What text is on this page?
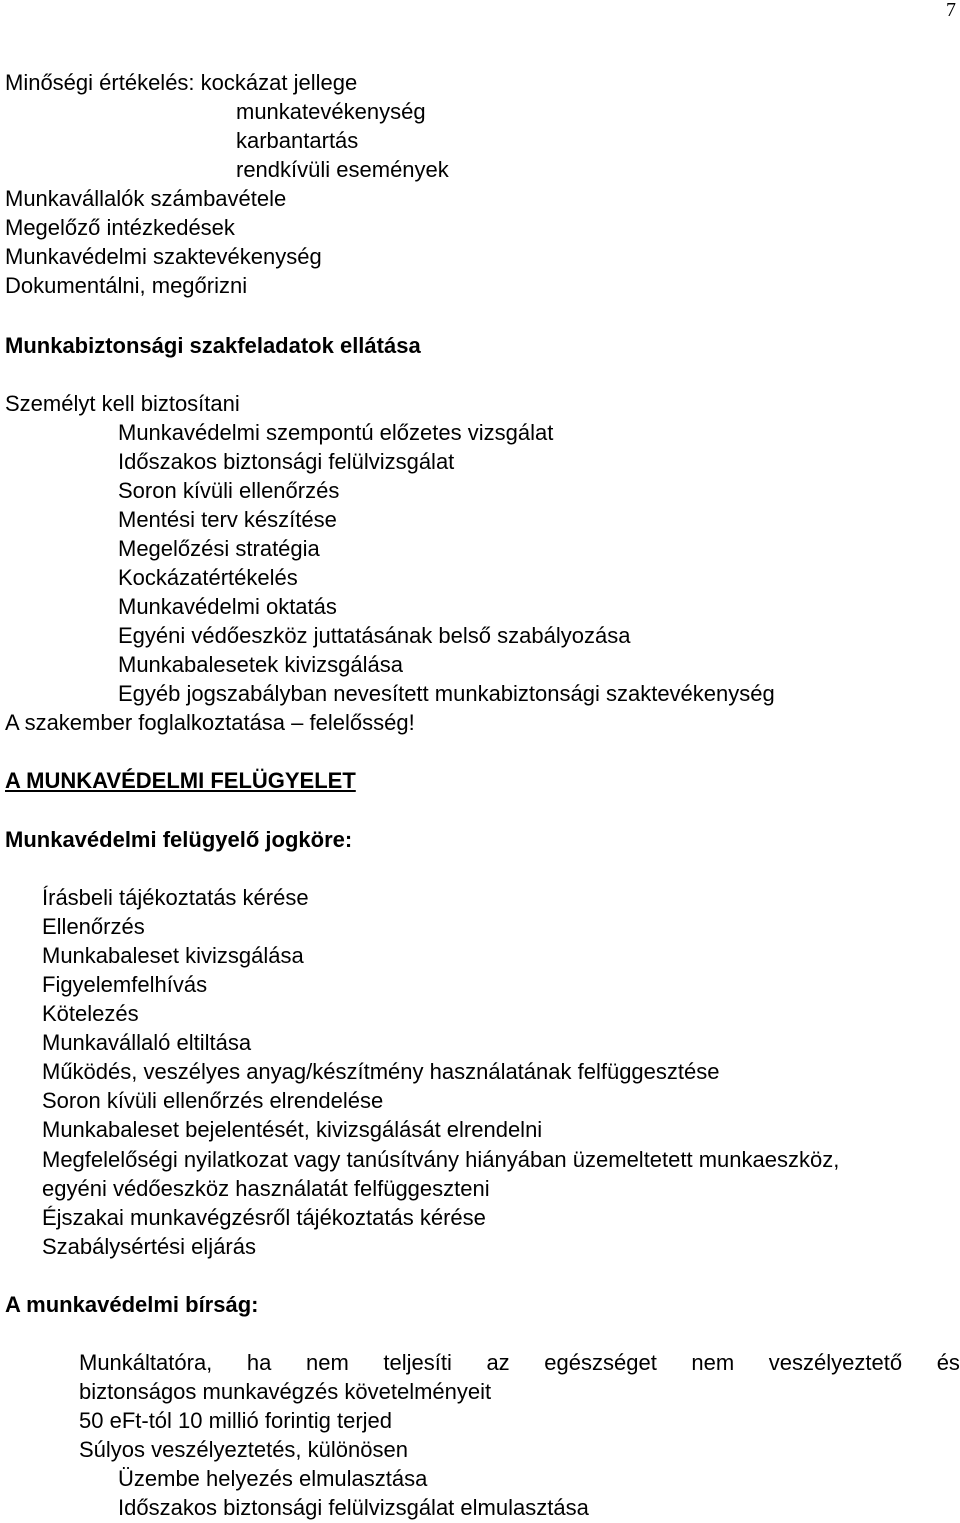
7
Minőségi értékelés: kockázat jellege
munkatevékenység
karbantartás
rendkívüli események
Munkavállalók számbavétele
Megelőző intézkedések
Munkavédelmi szaktevékenység
Dokumentálni, megőrizni
Munkabiztonsági szakfeladatok ellátása
Személyt kell biztosítani
Munkavédelmi szempontú előzetes vizsgálat
Időszakos biztonsági felülvizsgálat
Soron kívüli ellenőrzés
Mentési terv készítése
Megelőzési stratégia
Kockázatértékelés
Munkavédelmi oktatás
Egyéni védőeszköz juttatásának belső szabályozása
Munkabalesetek kivizsgálása
Egyéb jogszabályban nevesített munkabiztonsági szaktevékenység
A szakember foglalkoztatása – felelősség!
A MUNKAVÉDELMI FELÜGYELET
Munkavédelmi felügyelő jogköre:
Írásbeli tájékoztatás kérése
Ellenőrzés
Munkabaleset kivizsgálása
Figyelemfelhívás
Kötelezés
Munkavállaló eltiltása
Működés, veszélyes anyag/készítmény használatának felfüggesztése
Soron kívüli ellenőrzés elrendelése
Munkabaleset bejelentését, kivizsgálását elrendelni
Megfelelőségi nyilatkozat vagy tanúsítvány hiányában üzemeltetett munkaeszköz,
egyéni védőeszköz használatát felfüggeszteni
Éjszakai munkavégzésről tájékoztatás kérése
Szabálysértési eljárás
A munkavédelmi bírság:
Munkáltatóra, ha nem teljesíti az egészséget nem veszélyeztető és
biztonságos munkavégzés követelményeit
50 eFt-tól 10 millió forintig terjed
Súlyos veszélyeztetés, különösen
Üzembe helyezés elmulasztása
Időszakos biztonsági felülvizsgálat elmulasztása
